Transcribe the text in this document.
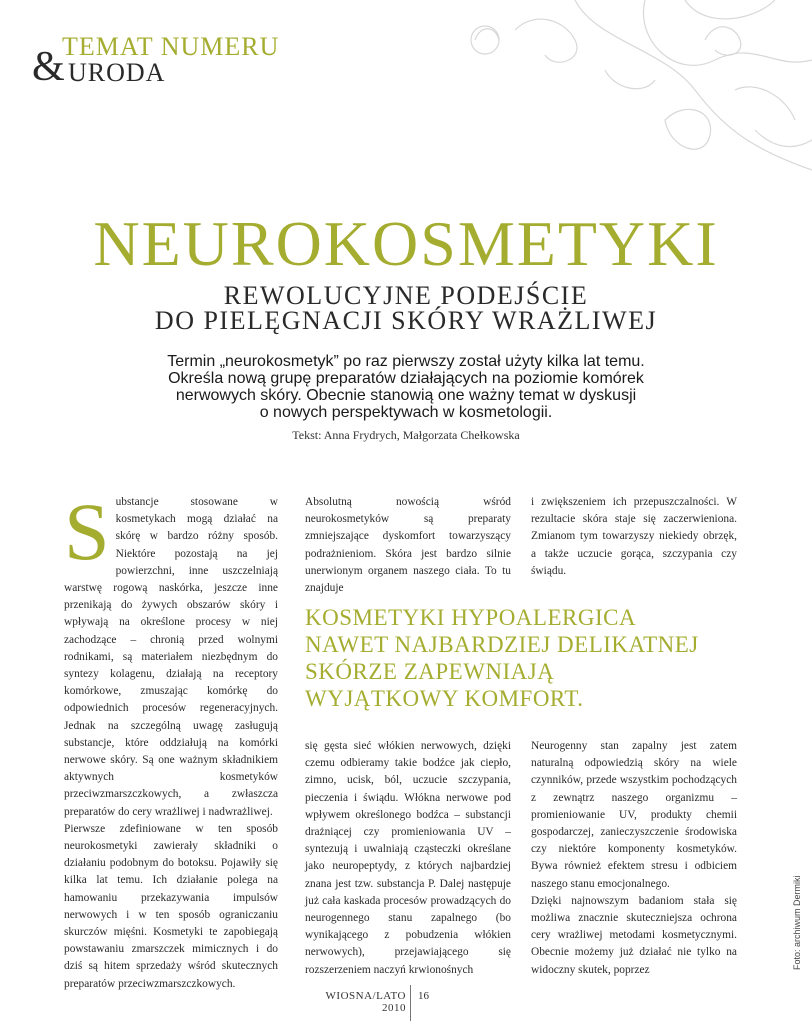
&
TEMAT NUMERU
URODA
NEUROKOSMETYKI
REWOLUCYJNE PODEJŚCIE
DO PIELĘGNACJI SKÓRY WRAŻLIWEJ
Termin „neurokosmetyk” po raz pierwszy został użyty kilka lat temu.
Określa nową grupę preparatów działających na poziomie komórek
nerwowych skóry. Obecnie stanowią one ważny temat w dyskusji
o nowych perspektywach w kosmetologii.
Tekst: Anna Frydrych, Małgorzata Chełkowska
S ubstancje stosowane w kosmetykach mogą działać na skórę w bardzo różny sposób. Niektóre pozostają na jej powierzchni, inne uszczelniają warstwę rogową naskórka, jeszcze inne przenikają do żywych obszarów skóry i wpływają na określone procesy w niej zachodzące – chronią przed wolnymi rodnikami, są materiałem niezbędnym do syntezy kolagenu, działają na receptory komórkowe, zmuszając komórkę do odpowiednich procesów regeneracyjnych. Jednak na szczególną uwagę zasługują substancje, które oddziałują na komórki nerwowe skóry. Są one ważnym składnikiem aktywnych kosmetyków przeciwzmarszczkowych, a zwłaszcza preparatów do cery wrażliwej i nadwrażliwej.

Pierwsze zdefiniowane w ten sposób neurokosmetyki zawierały składniki o działaniu podobnym do botoksu. Pojawiły się kilka lat temu. Ich działanie polega na hamowaniu przekazywania impulsów nerwowych i w ten sposób ograniczaniu skurczów mięśni. Kosmetyki te zapobiegają powstawaniu zmarszczek mimicznych i do dziś są hitem sprzedaży wśród skutecznych preparatów przeciwzmarszczkowych.

Absolutną nowością wśród neurokosmetyków są preparaty zmniejszające dyskomfort towarzyszący podrażnieniom. Skóra jest bardzo silnie unerwionym organem naszego ciała. To tu znajduje

i zwiększeniem ich przepuszczalności. W rezultacie skóra staje się zaczerwieniona. Zmianom tym towarzyszy niekiedy obrzęk, a także uczucie gorąca, szczypania czy świądu.

KOSMETYKI HYPOALERGICA
NAWET NAJBARDZIEJ DELIKATNEJ
SKÓRZE ZAPEWNIAJĄ
WYJĄTKOWY KOMFORT.

się gęsta sieć włókien nerwowych, dzięki czemu odbieramy takie bodźce jak ciepło, zimno, ucisk, ból, uczucie szczypania, pieczenia i świądu. Włókna nerwowe pod wpływem określonego bodźca – substancji drażniącej czy promieniowania UV – syntezują i uwalniają cząsteczki określane jako neuropeptydy, z których najbardziej znana jest tzw. substancja P. Dalej następuje już cała kaskada procesów prowadzących do neurogennego stanu zapalnego (bo wynikającego z pobudzenia włókien nerwowych), przejawiającego się rozszerzeniem naczyń krwionośnych

Neurogenny stan zapalny jest zatem naturalną odpowiedzią skóry na wiele czynników, przede wszystkim pochodzących z zewnątrz naszego organizmu – promieniowanie UV, produkty chemii gospodarczej, zanieczyszczenie środowiska czy niektóre komponenty kosmetyków. Bywa również efektem stresu i odbiciem naszego stanu emocjonalnego.

Dzięki najnowszym badaniom stała się możliwa znacznie skuteczniejsza ochrona cery wrażliwej metodami kosmetycznymi. Obecnie możemy już działać nie tylko na widoczny skutek, poprzez

WIOSNA/LATO
2010
16
Foto: archiwum Dermiki
